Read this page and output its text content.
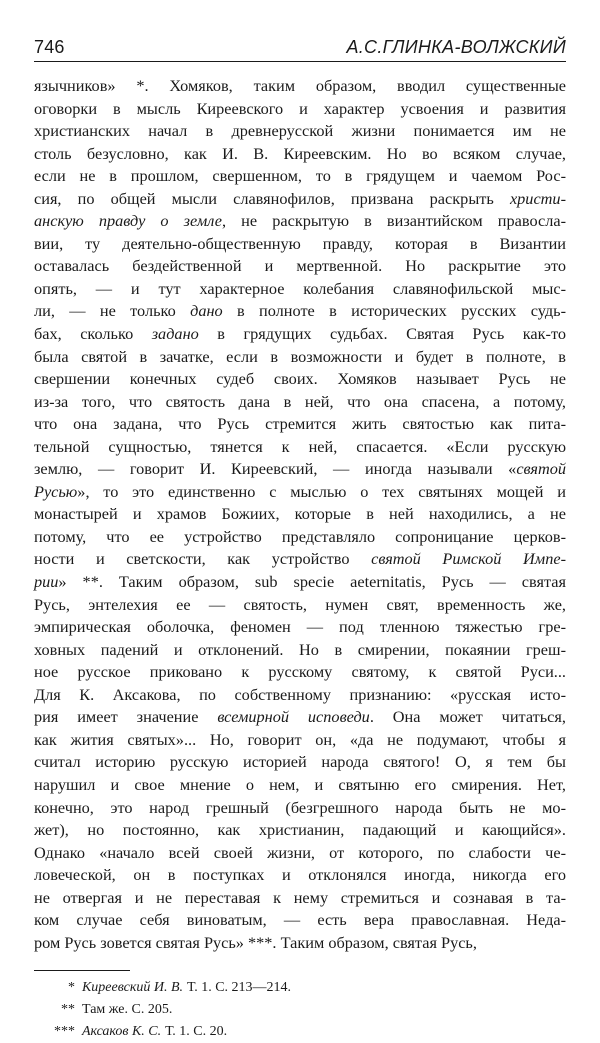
746	А.С.ГЛИНКА-ВОЛЖСКИЙ
язычников» *. Хомяков, таким образом, вводил существенные
оговорки в мысль Киреевского и характер усвоения и развития
христианских начал в древнерусской жизни понимается им не
столь безусловно, как И. В. Киреевским. Но во всяком случае,
если не в прошлом, свершенном, то в грядущем и чаемом Рос-
сия, по общей мысли славянофилов, призвана раскрыть христи-
анскую правду о земле, не раскрытую в византийском правосла-
вии, ту деятельно-общественную правду, которая в Византии
оставалась бездейственной и мертвенной. Но раскрытие это
опять, — и тут характерное колебания славянофильской мыс-
ли, — не только дано в полноте в исторических русских судь-
бах, сколько задано в грядущих судьбах. Святая Русь как-то
была святой в зачатке, если в возможности и будет в полноте, в
свершении конечных судеб своих. Хомяков называет Русь не
из-за того, что святость дана в ней, что она спасена, а потому,
что она задана, что Русь стремится жить святостью как пита-
тельной сущностью, тянется к ней, спасается. «Если русскую
землю, — говорит И. Киреевский, — иногда называли «святой
Русью», то это единственно с мыслью о тех святынях мощей и
монастырей и храмов Божиих, которые в ней находились, а не
потому, что ее устройство представляло сопроницание церков-
ности и светскости, как устройство святой Римской Импе-
рии» **. Таким образом, sub specie aeternitatis, Русь — святая
Русь, энтелехия ее — святость, нумен свят, временность же,
эмпирическая оболочка, феномен — под тленною тяжестью гре-
ховных падений и отклонений. Но в смирении, покаянии греш-
ное русское приковано к русскому святому, к святой Руси...
Для К. Аксакова, по собственному признанию: «русская исто-
рия имеет значение всемирной исповеди. Она может читаться,
как жития святых»... Но, говорит он, «да не подумают, чтобы я
считал историю русскую историей народа святого! О, я тем бы
нарушил и свое мнение о нем, и святыню его смирения. Нет,
конечно, это народ грешный (безгрешного народа быть не мо-
жет), но постоянно, как христианин, падающий и кающийся».
Однако «начало всей своей жизни, от которого, по слабости че-
ловеческой, он в поступках и отклонялся иногда, никогда его
не отвергая и не переставая к нему стремиться и сознавая в та-
ком случае себя виноватым, — есть вера православная. Неда-
ром Русь зовется святая Русь» ***. Таким образом, святая Русь,
* Киреевский И. В. Т. 1. С. 213—214.
** Там же. С. 205.
*** Аксаков К. С. Т. 1. С. 20.
